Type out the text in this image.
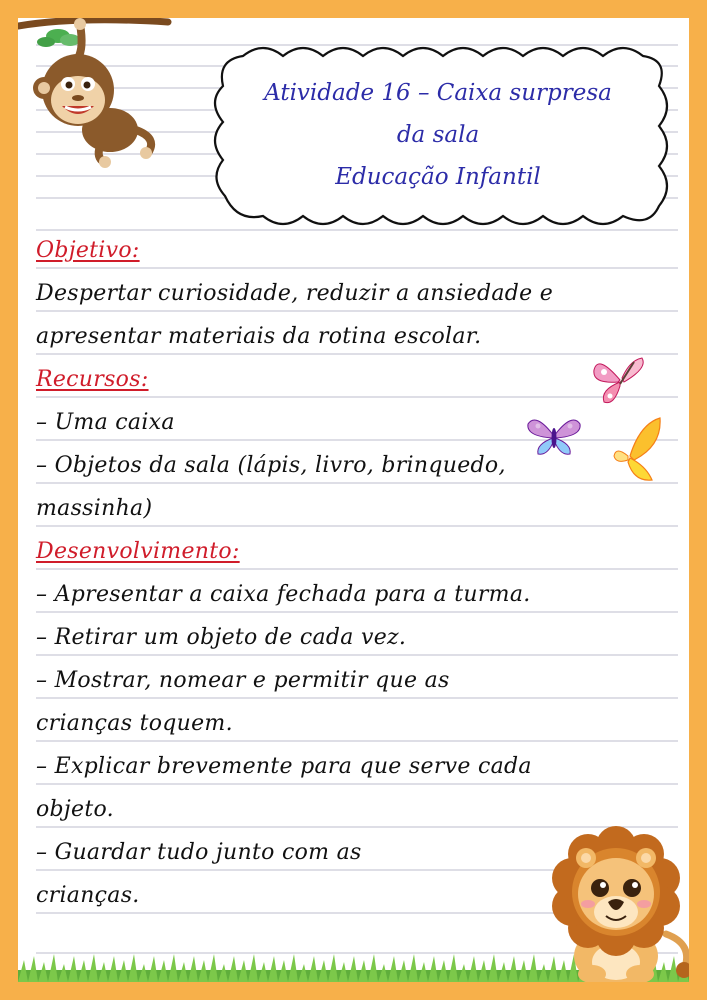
Atividade 16 – Caixa surpresa
da sala
Educação Infantil
Objetivo:
Despertar curiosidade, reduzir a ansiedade e
apresentar materiais da rotina escolar.
Recursos:
– Uma caixa
– Objetos da sala (lápis, livro, brinquedo,
massinha)
Desenvolvimento:
– Apresentar a caixa fechada para a turma.
– Retirar um objeto de cada vez.
– Mostrar, nomear e permitir que as
crianças toquem.
– Explicar brevemente para que serve cada
objeto.
– Guardar tudo junto com as
crianças.
